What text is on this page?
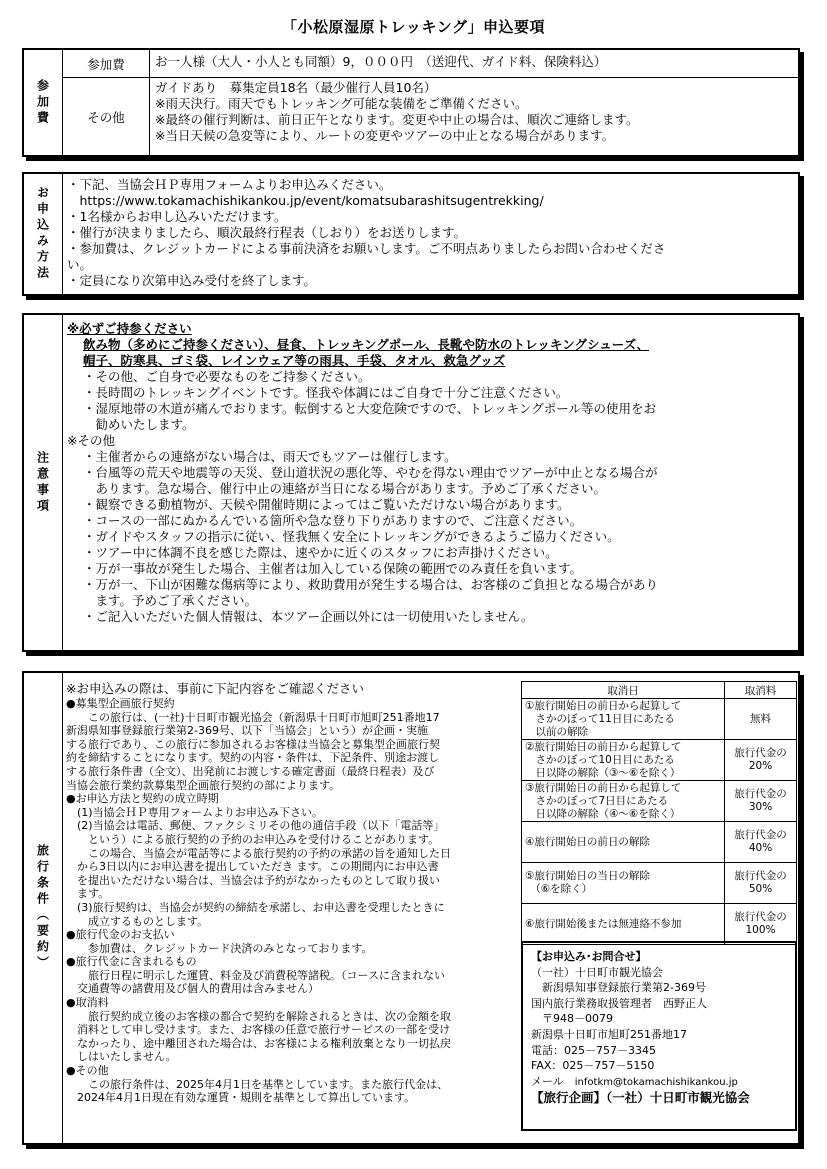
「小松原湿原トレッキング」申込要項
参加費
参加費	お一人様（大人・小人とも同額）9，０００円　（送迎代、ガイド料、保険料込）
その他
ガイドあり　募集定員18名（最少催行人員10名）
※雨天決行。雨天でもトレッキング可能な装備をご準備ください。
※最終の催行判断は、前日正午となります。変更や中止の場合は、順次ご連絡します。
※当日天候の急変等により、ルートの変更やツアーの中止となる場合があります。
お申込み方法
・下記、当協会ＨＰ専用フォームよりお申込みください。
　https://www.tokamachishikankou.jp/event/komatsubarashitsugentrekking/
・1名様からお申し込みいただけます。
・催行が決まりましたら、順次最終行程表（しおり）をお送りします。
・参加費は、クレジットカードによる事前決済をお願いします。ご不明点ありましたらお問い合わせくださ
い。
・定員になり次第申込み受付を終了します。
注意事項
※必ずご持参ください
飲み物（多めにご持参ください）、昼食、トレッキングポール、長靴や防水のトレッキングシューズ、
帽子、防寒具、ゴミ袋、レインウェア等の雨具、手袋、タオル、救急グッズ
・その他、ご自身で必要なものをご持参ください。
・長時間のトレッキングイベントです。怪我や体調にはご自身で十分ご注意ください。
・湿原地帯の木道が痛んでおります。転倒すると大変危険ですので、トレッキングポール等の使用をお
　勧めいたします。
※その他
・主催者からの連絡がない場合は、雨天でもツアーは催行します。
・台風等の荒天や地震等の天災、登山道状況の悪化等、やむを得ない理由でツアーが中止となる場合が
　あります。急な場合、催行中止の連絡が当日になる場合があります。予めご了承ください。
・観察できる動植物が、天候や開催時期によってはご覧いただけない場合があります。
・コースの一部にぬかるんでいる箇所や急な登り下りがありますので、ご注意ください。
・ガイドやスタッフの指示に従い、怪我無く安全にトレッキングができるようご協力ください。
・ツアー中に体調不良を感じた際は、速やかに近くのスタッフにお声掛けください。
・万が一事故が発生した場合、主催者は加入している保険の範囲でのみ責任を負います。
・万が一、下山が困難な傷病等により、救助費用が発生する場合は、お客様のご負担となる場合があり
　ます。予めご了承ください。
・ご記入いただいた個人情報は、本ツアー企画以外には一切使用いたしません。
旅行条件（要約）
※お申込みの際は、事前に下記内容をご確認ください
●募集型企画旅行契約
　　この旅行は、(一社)十日町市観光協会（新潟県十日町市旭町251番地17
新潟県知事登録旅行業第2-369号、以下「当協会」という）が企画・実施
する旅行であり、この旅行に参加されるお客様は当協会と募集型企画旅行契
約を締結することになります。契約の内容・条件は、下記条件、別途お渡し
する旅行条件書（全文）、出発前にお渡しする確定書面（最終日程表）及び
当協会旅行業約款募集型企画旅行契約の部によります。
●お申込方法と契約の成立時期
　(1)当協会ＨＰ専用フォームよりお申込み下さい。
　(2)当協会は電話、郵便、ファクシミリその他の通信手段（以下「電話等」
　　という）による旅行契約の予約のお申込みを受付けることがあります。
　　この場合、当協会が電話等による旅行契約の予約の承諾の旨を通知した日
　から3日以内にお申込書を提出していただき ます。この期間内にお申込書
　を提出いただけない場合は、当協会は予約がなかったものとして取り扱い
　ます。
　(3)旅行契約は、当協会が契約の締結を承諾し、お申込書を受理したときに
　　成立するものとします。
●旅行代金のお支払い
　　参加費は、クレジットカード決済のみとなっております。
●旅行代金に含まれるもの
　　旅行日程に明示した運賃、料金及び消費税等諸税。（コースに含まれない
　交通費等の諸費用及び個人的費用は含みません）
●取消料
　　旅行契約成立後のお客様の都合で契約を解除されるときは、次の金額を取
　消料として申し受けます。また、お客様の任意で旅行サービスの一部を受け
　なかったり、途中離団された場合は、お客様による権利放棄となり一切払戻
　しはいたしません。
●その他
　　この旅行条件は、2025年4月1日を基準としています。また旅行代金は、
　2024年4月1日現在有効な運賃・規則を基準として算出しています。
取消日	取消料
①旅行開始日の前日から起算して
　さかのぼって11日目にあたる
　以前の解除	無料
②旅行開始日の前日から起算して
　さかのぼって10日目にあたる
　日以降の解除（③～⑥を除く）	旅行代金の
20%
③旅行開始日の前日から起算して
　さかのぼって7日目にあたる
　日以降の解除（④～⑥を除く）	旅行代金の
30%
④旅行開始日の前日の解除	旅行代金の
40%
⑤旅行開始日の当日の解除
　（⑥を除く）	旅行代金の
50%
⑥旅行開始後または無連絡不参加	旅行代金の
100%
【お申込み･お問合せ】
（一社）十日町市観光協会
　新潟県知事登録旅行業第2-369号
国内旅行業務取扱管理者　西野正人
　〒948－0079
新潟県十日町市旭町251番地17
電話：025－757－3345
FAX：025－757－5150
メール　 infotkm@tokamachishikankou.jp
【旅行企画】（一社）十日町市観光協会
